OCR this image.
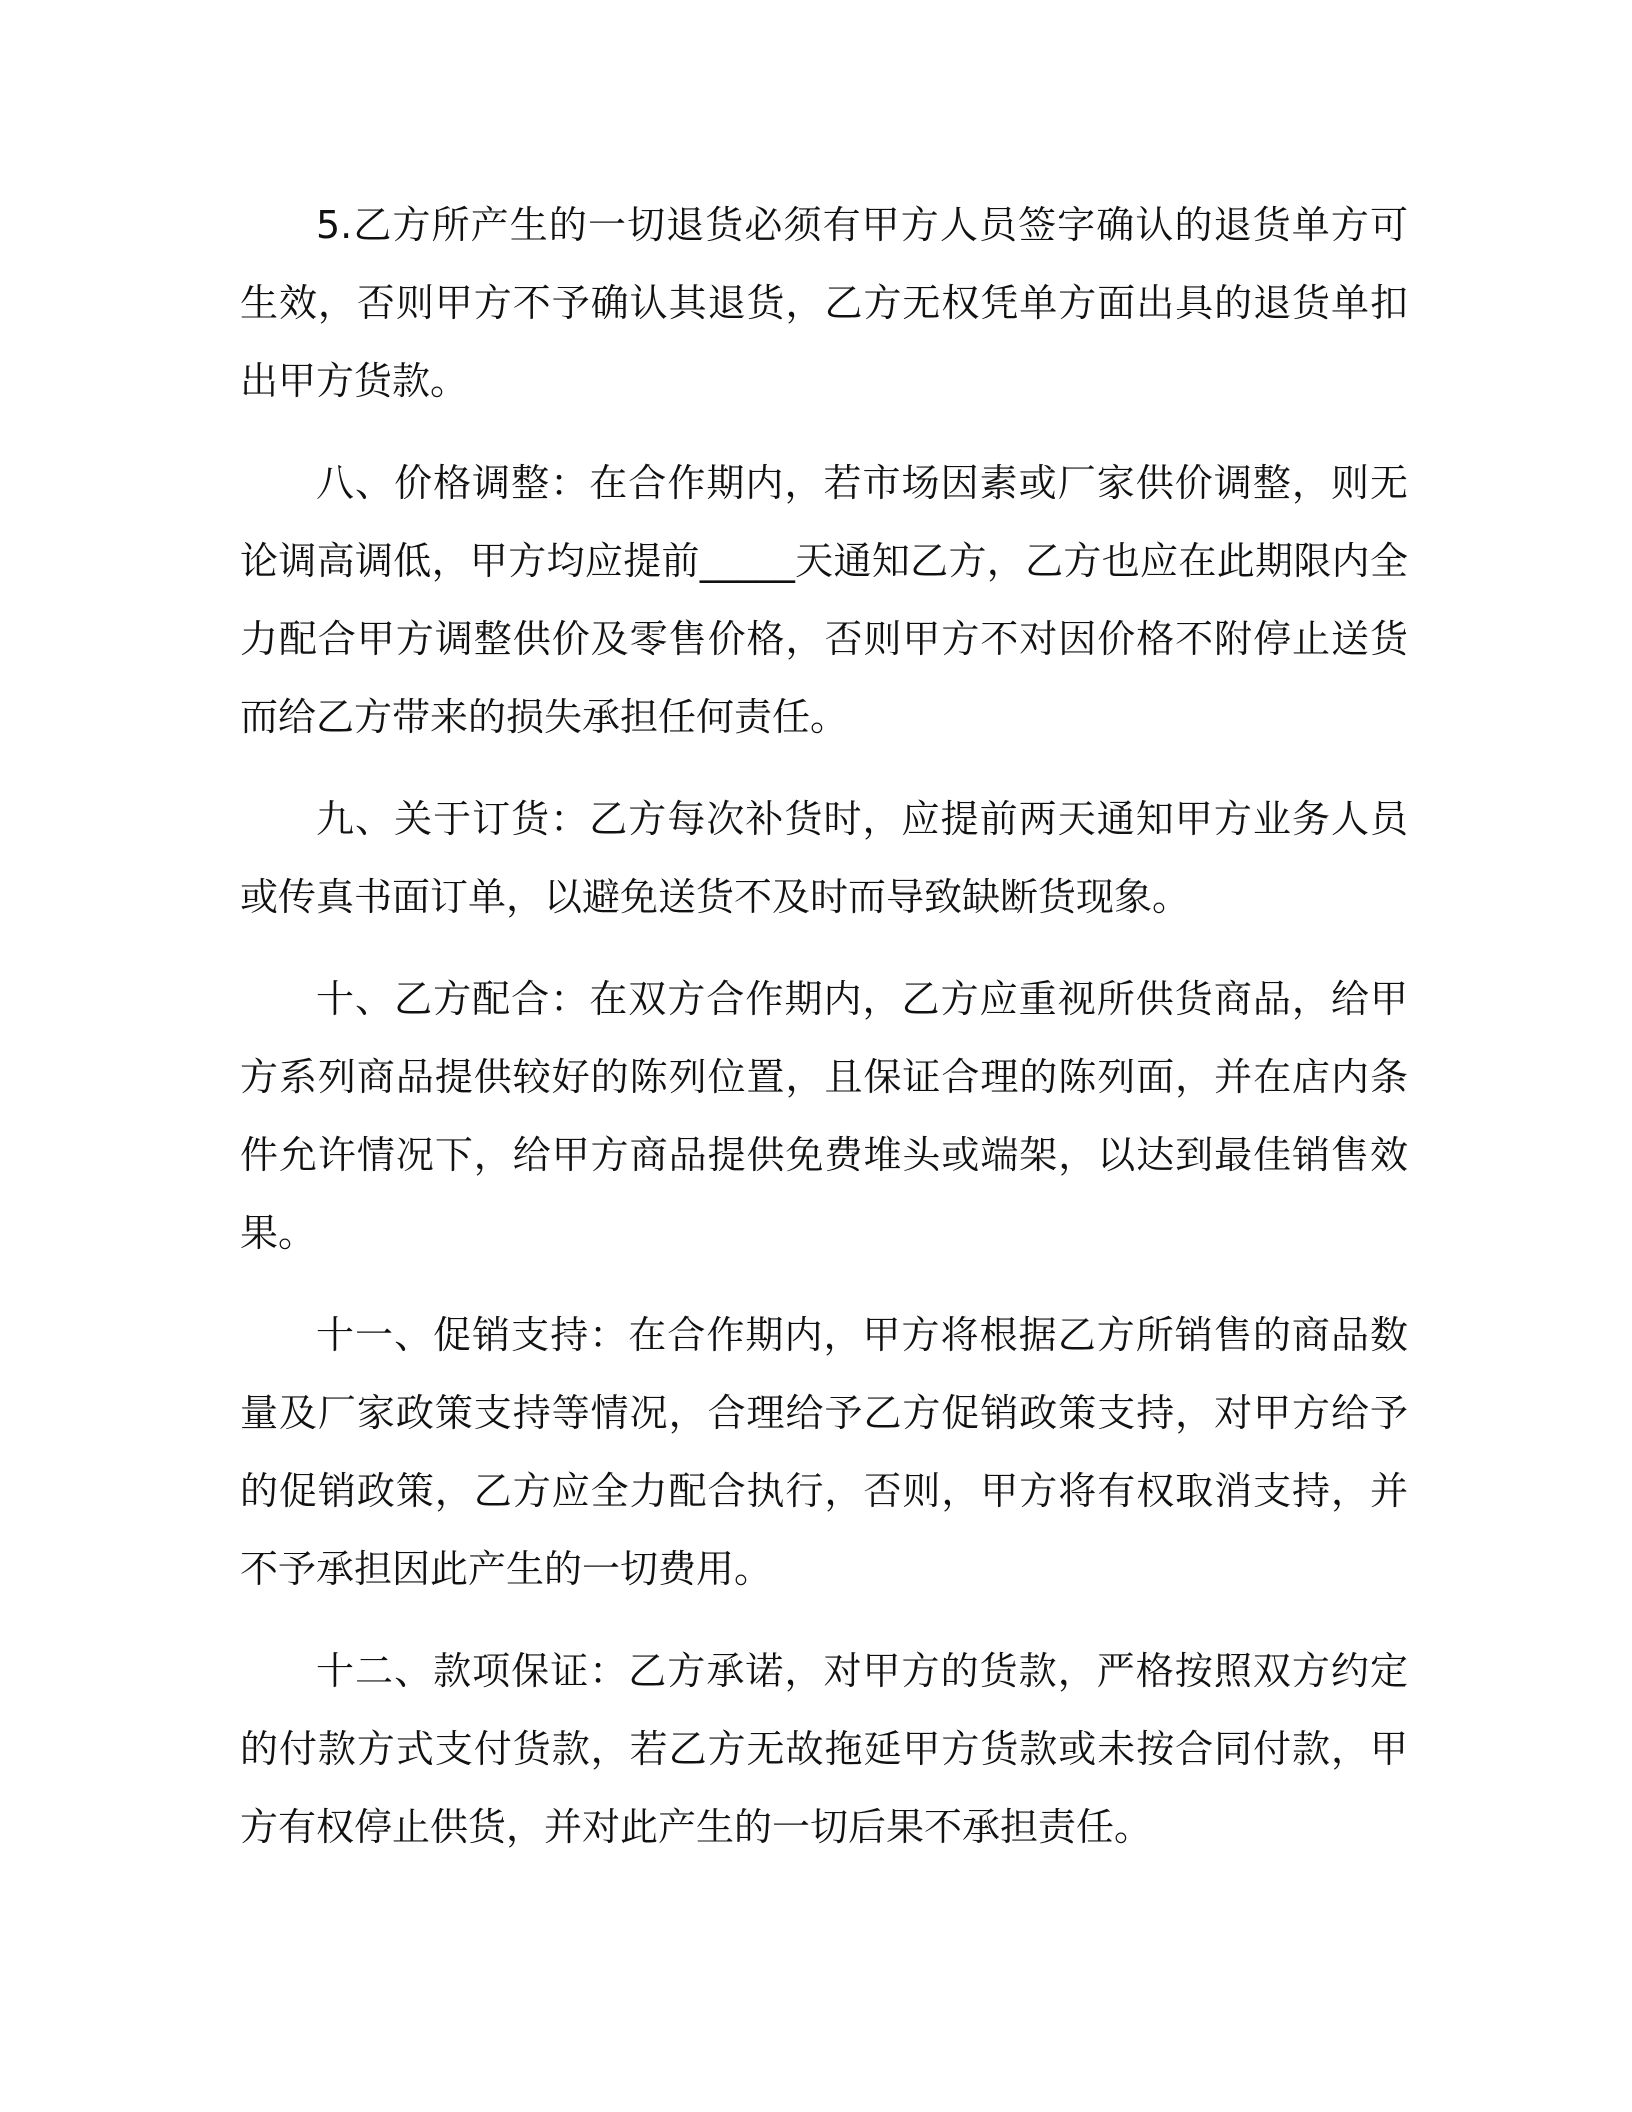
5.乙方所产生的一切退货必须有甲方人员签字确认的退货单方可生效，否则甲方不予确认其退货，乙方无权凭单方面出具的退货单扣出甲方货款。

八、价格调整：在合作期内，若市场因素或厂家供价调整，则无论调高调低，甲方均应提前_____天通知乙方，乙方也应在此期限内全力配合甲方调整供价及零售价格，否则甲方不对因价格不附停止送货而给乙方带来的损失承担任何责任。

九、关于订货：乙方每次补货时，应提前两天通知甲方业务人员或传真书面订单，以避免送货不及时而导致缺断货现象。

十、乙方配合：在双方合作期内，乙方应重视所供货商品，给甲方系列商品提供较好的陈列位置，且保证合理的陈列面，并在店内条件允许情况下，给甲方商品提供免费堆头或端架，以达到最佳销售效果。

十一、促销支持：在合作期内，甲方将根据乙方所销售的商品数量及厂家政策支持等情况，合理给予乙方促销政策支持，对甲方给予的促销政策，乙方应全力配合执行，否则，甲方将有权取消支持，并不予承担因此产生的一切费用。

十二、款项保证：乙方承诺，对甲方的货款，严格按照双方约定的付款方式支付货款，若乙方无故拖延甲方货款或未按合同付款，甲方有权停止供货，并对此产生的一切后果不承担责任。
